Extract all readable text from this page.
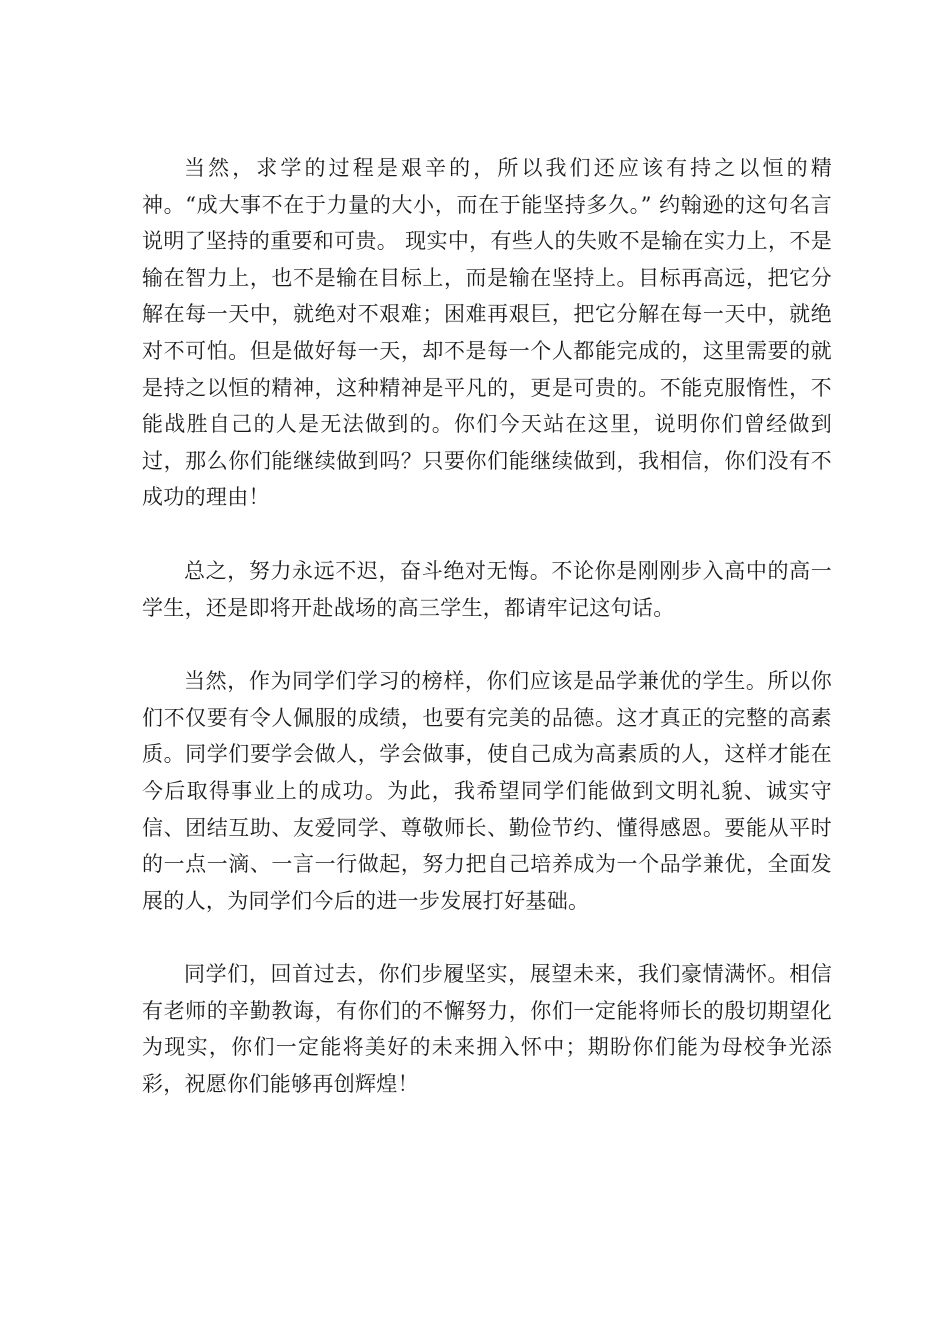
当然，求学的过程是艰辛的，所以我们还应该有持之以恒的精神。“成大事不在于力量的大小，而在于能坚持多久。” 约翰逊的这句名言说明了坚持的重要和可贵。 现实中，有些人的失败不是输在实力上，不是输在智力上，也不是输在目标上，而是输在坚持上。目标再高远，把它分解在每一天中，就绝对不艰难；困难再艰巨，把它分解在每一天中，就绝对不可怕。但是做好每一天，却不是每一个人都能完成的，这里需要的就是持之以恒的精神，这种精神是平凡的，更是可贵的。不能克服惰性，不能战胜自己的人是无法做到的。你们今天站在这里，说明你们曾经做到过，那么你们能继续做到吗？只要你们能继续做到，我相信，你们没有不成功的理由！

总之，努力永远不迟，奋斗绝对无悔。不论你是刚刚步入高中的高一学生，还是即将开赴战场的高三学生，都请牢记这句话。

当然，作为同学们学习的榜样，你们应该是品学兼优的学生。所以你们不仅要有令人佩服的成绩，也要有完美的品德。这才真正的完整的高素质。同学们要学会做人，学会做事，使自己成为高素质的人，这样才能在今后取得事业上的成功。为此，我希望同学们能做到文明礼貌、诚实守信、团结互助、友爱同学、尊敬师长、勤俭节约、懂得感恩。要能从平时的一点一滴、一言一行做起，努力把自己培养成为一个品学兼优，全面发展的人，为同学们今后的进一步发展打好基础。

同学们，回首过去，你们步履坚实，展望未来，我们豪情满怀。相信有老师的辛勤教诲，有你们的不懈努力，你们一定能将师长的殷切期望化为现实，你们一定能将美好的未来拥入怀中；期盼你们能为母校争光添彩，祝愿你们能够再创辉煌！
